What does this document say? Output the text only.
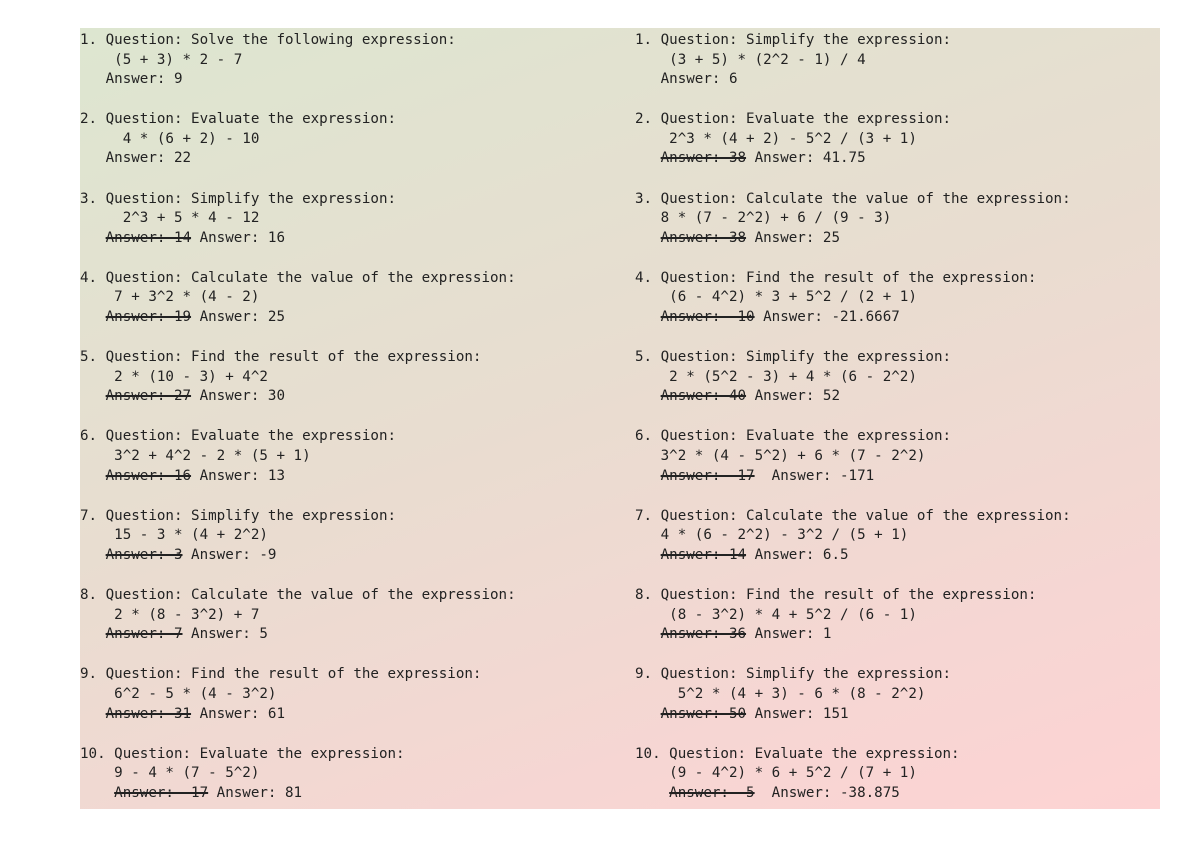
1. Question: Solve the following expression:
(5 + 3) * 2 - 7
Answer: 9
2. Question: Evaluate the expression:
4 * (6 + 2) - 10
Answer: 22
3. Question: Simplify the expression:
2^3 + 5 * 4 - 12
Answer: 14 Answer: 16
4. Question: Calculate the value of the expression:
7 + 3^2 * (4 - 2)
Answer: 19 Answer: 25
5. Question: Find the result of the expression:
2 * (10 - 3) + 4^2
Answer: 27 Answer: 30
6. Question: Evaluate the expression:
3^2 + 4^2 - 2 * (5 + 1)
Answer: 16 Answer: 13
7. Question: Simplify the expression:
15 - 3 * (4 + 2^2)
Answer: 3 Answer: -9
8. Question: Calculate the value of the expression:
2 * (8 - 3^2) + 7
Answer: 7 Answer: 5
9. Question: Find the result of the expression:
6^2 - 5 * (4 - 3^2)
Answer: 31 Answer: 61
10. Question: Evaluate the expression:
9 - 4 * (7 - 5^2)
Answer: -17 Answer: 81
1. Question: Simplify the expression:
(3 + 5) * (2^2 - 1) / 4
Answer: 6
2. Question: Evaluate the expression:
2^3 * (4 + 2) - 5^2 / (3 + 1)
Answer: 38 Answer: 41.75
3. Question: Calculate the value of the expression:
8 * (7 - 2^2) + 6 / (9 - 3)
Answer: 38 Answer: 25
4. Question: Find the result of the expression:
(6 - 4^2) * 3 + 5^2 / (2 + 1)
Answer: -10 Answer: -21.6667
5. Question: Simplify the expression:
2 * (5^2 - 3) + 4 * (6 - 2^2)
Answer: 40 Answer: 52
6. Question: Evaluate the expression:
3^2 * (4 - 5^2) + 6 * (7 - 2^2)
Answer:  17  Answer: -171
7. Question: Calculate the value of the expression:
4 * (6 - 2^2) - 3^2 / (5 + 1)
Answer: 14 Answer: 6.5
8. Question: Find the result of the expression:
(8 - 3^2) * 4 + 5^2 / (6 - 1)
Answer: 36 Answer: 1
9. Question: Simplify the expression:
5^2 * (4 + 3) - 6 * (8 - 2^2)
Answer: 50 Answer: 151
10. Question: Evaluate the expression:
(9 - 4^2) * 6 + 5^2 / (7 + 1)
Answer: -5  Answer: -38.875
